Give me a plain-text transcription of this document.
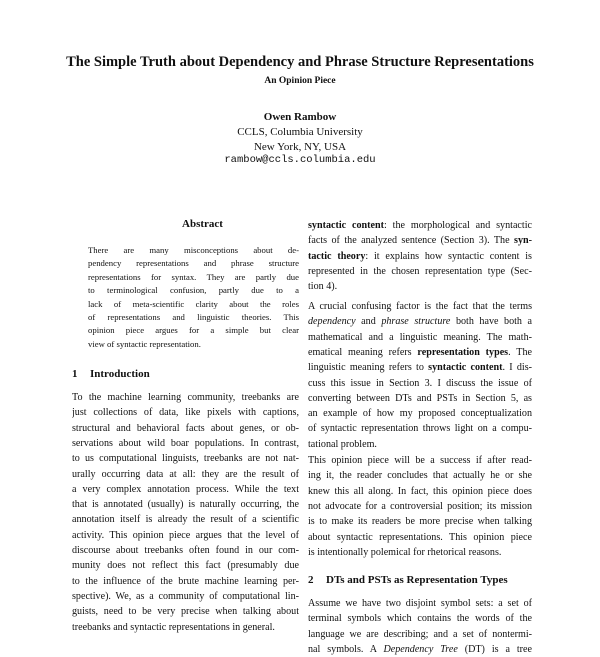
The Simple Truth about Dependency and Phrase Structure Representations
An Opinion Piece
Owen Rambow
CCLS, Columbia University
New York, NY, USA
rambow@ccls.columbia.edu
Abstract
There are many misconceptions about de-
pendency representations and phrase structure
representations for syntax. They are partly due
to terminological confusion, partly due to a
lack of meta-scientific clarity about the roles
of representations and linguistic theories. This
opinion piece argues for a simple but clear
view of syntactic representation.
1 Introduction
To the machine learning community, treebanks are
just collections of data, like pixels with captions,
structural and behavioral facts about genes, or ob-
servations about wild boar populations. In contrast,
to us computational linguists, treebanks are not nat-
urally occurring data at all: they are the result of
a very complex annotation process. While the text
that is annotated (usually) is naturally occurring, the
annotation itself is already the result of a scientific
activity. This opinion piece argues that the level of
discourse about treebanks often found in our com-
munity does not reflect this fact (presumably due
to the influence of the brute machine learning per-
spective). We, as a community of computational lin-
guists, need to be very precise when talking about
treebanks and syntactic representations in general.
syntactic content: the morphological and syntactic
facts of the analyzed sentence (Section 3). The syn-
tactic theory: it explains how syntactic content is
represented in the chosen representation type (Sec-
tion 4).
A crucial confusing factor is the fact that the terms
dependency and phrase structure both have both a
mathematical and a linguistic meaning. The math-
ematical meaning refers representation types. The
linguistic meaning refers to syntactic content. I dis-
cuss this issue in Section 3. I discuss the issue of
converting between DTs and PSTs in Section 5, as
an example of how my proposed conceptualization
of syntactic representation throws light on a compu-
tational problem.
This opinion piece will be a success if after read-
ing it, the reader concludes that actually he or she
knew this all along. In fact, this opinion piece does
not advocate for a controversial position; its mission
is to make its readers be more precise when talking
about syntactic representations. This opinion piece
is intentionally polemical for rhetorical reasons.
2 DTs and PSTs as Representation Types
Assume we have two disjoint symbol sets: a set of
terminal symbols which contains the words of the
language we are describing; and a set of nontermi-
nal symbols. A Dependency Tree (DT) is a tree
